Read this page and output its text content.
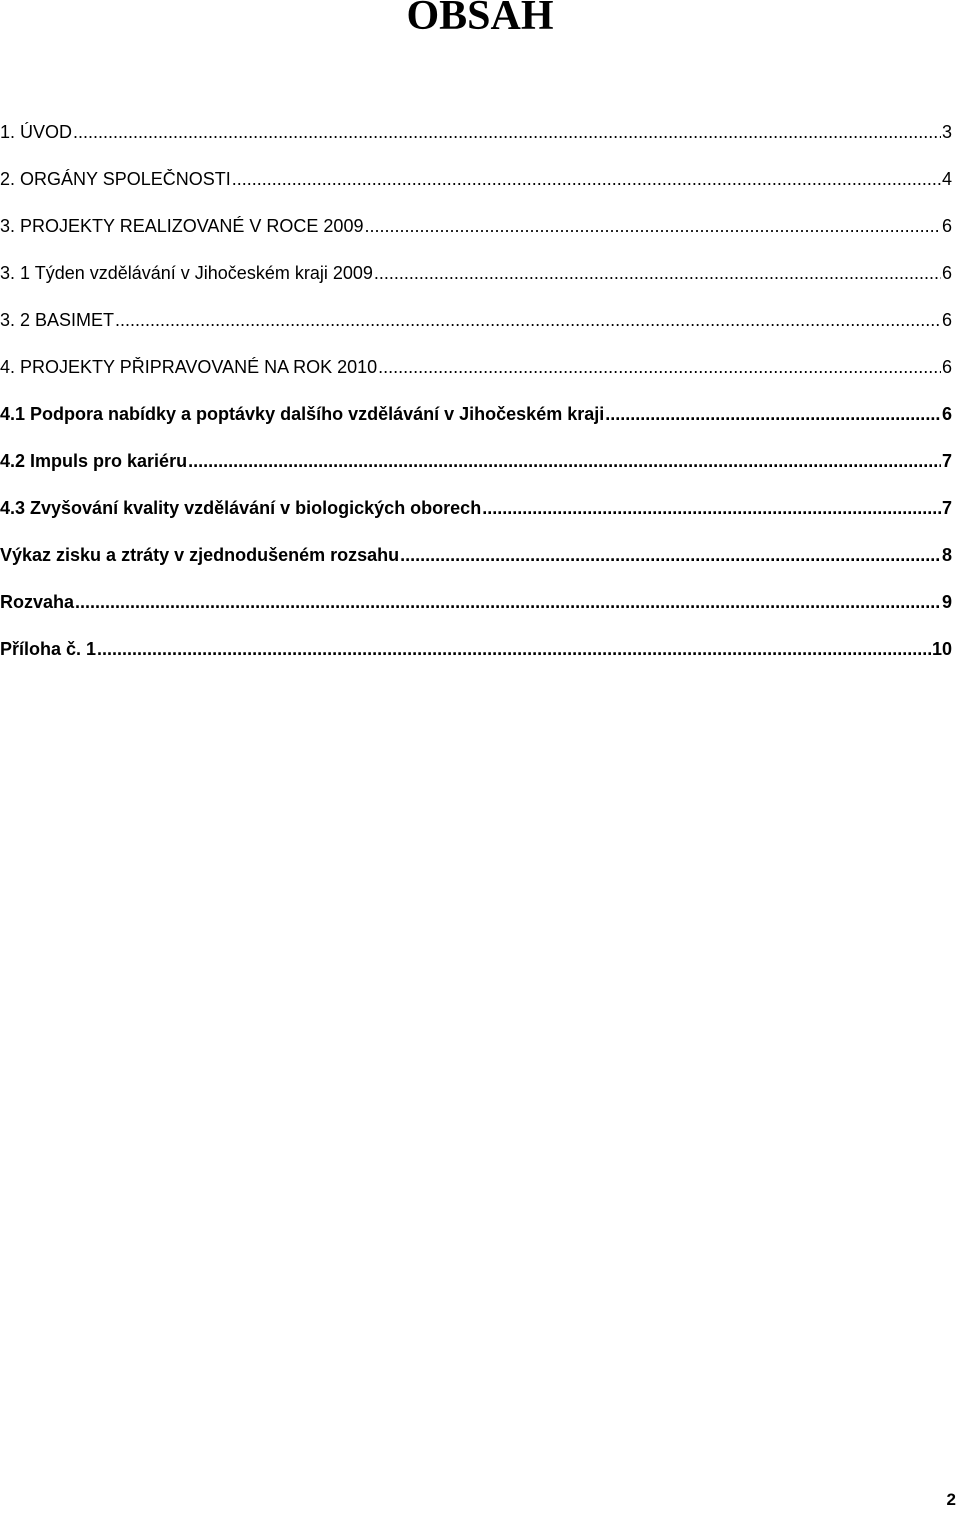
OBSAH
1. ÚVOD .....	3
2. ORGÁNY SPOLEČNOSTI .....	4
3. PROJEKTY REALIZOVANÉ V ROCE 2009 .....	6
3. 1 Týden vzdělávání v Jihočeském kraji 2009 .....	6
3. 2 BASIMET .....	6
4. PROJEKTY PŘIPRAVOVANÉ NA ROK 2010 .....	6
4.1 Podpora nabídky a poptávky dalšího vzdělávání v Jihočeském kraji .....	6
4.2 Impuls pro kariéru .....	7
4.3 Zvyšování kvality vzdělávání v biologických oborech .....	7
Výkaz zisku a ztráty v zjednodušeném rozsahu .....	8
Rozvaha .....	9
Příloha č. 1 .....	10
2
